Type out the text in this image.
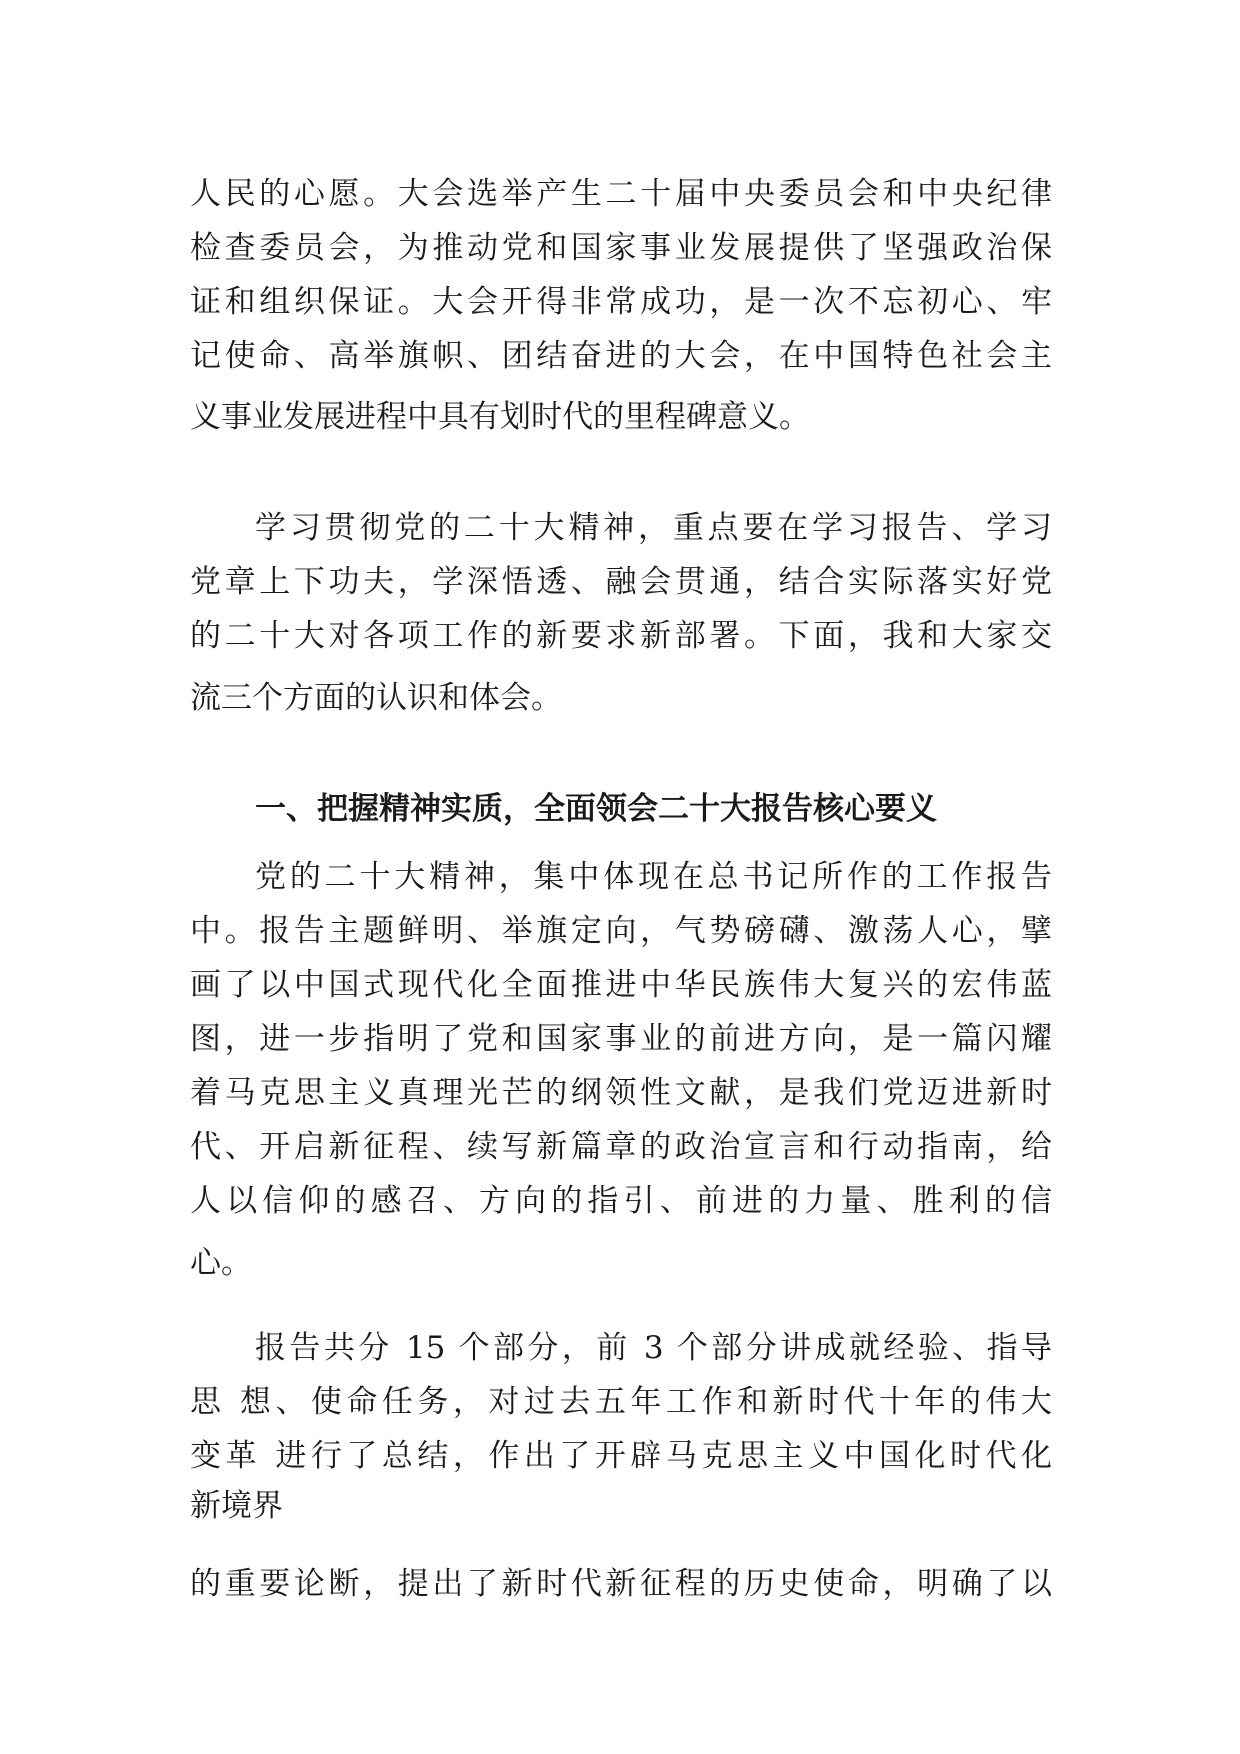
人民的心愿。大会选举产生二十届中央委员会和中央纪律
检查委员会，为推动党和国家事业发展提供了坚强政治保
证和组织保证。大会开得非常成功，是一次不忘初心、牢
记使命、高举旗帜、团结奋进的大会，在中国特色社会主
义事业发展进程中具有划时代的里程碑意义。
学习贯彻党的二十大精神，重点要在学习报告、学习
党章上下功夫，学深悟透、融会贯通，结合实际落实好党
的二十大对各项工作的新要求新部署。下面，我和大家交
流三个方面的认识和体会。
一、把握精神实质，全面领会二十大报告核心要义
党的二十大精神，集中体现在总书记所作的工作报告
中。报告主题鲜明、举旗定向，气势磅礴、激荡人心，擘
画了以中国式现代化全面推进中华民族伟大复兴的宏伟蓝
图，进一步指明了党和国家事业的前进方向，是一篇闪耀
着马克思主义真理光芒的纲领性文献，是我们党迈进新时
代、开启新征程、续写新篇章的政治宣言和行动指南，给
人以信仰的感召、方向的指引、前进的力量、胜利的信
心。
报告共分 15 个部分，前 3 个部分讲成就经验、指导
思 想、使命任务，对过去五年工作和新时代十年的伟大
变革 进行了总结，作出了开辟马克思主义中国化时代化
新境界
的重要论断，提出了新时代新征程的历史使命，明确了以
